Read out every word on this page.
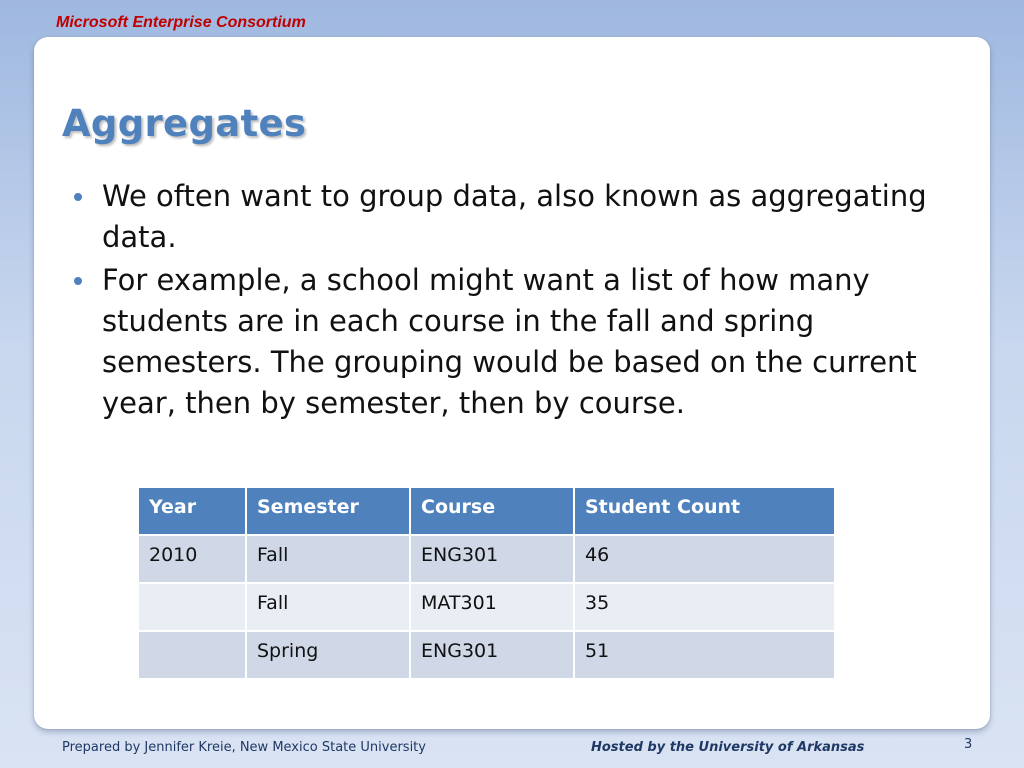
Microsoft Enterprise Consortium
Aggregates
We often want to group data, also known as aggregating data.
For example, a school might want a list of how many students are in each course in the fall and spring semesters. The grouping would be based on the current year, then by semester, then by course.
Year	Semester	Course	Student Count
2010	Fall	ENG301	46
	Fall	MAT301	35
	Spring	ENG301	51
Prepared by Jennifer Kreie, New Mexico State University	Hosted by the University of Arkansas	3
